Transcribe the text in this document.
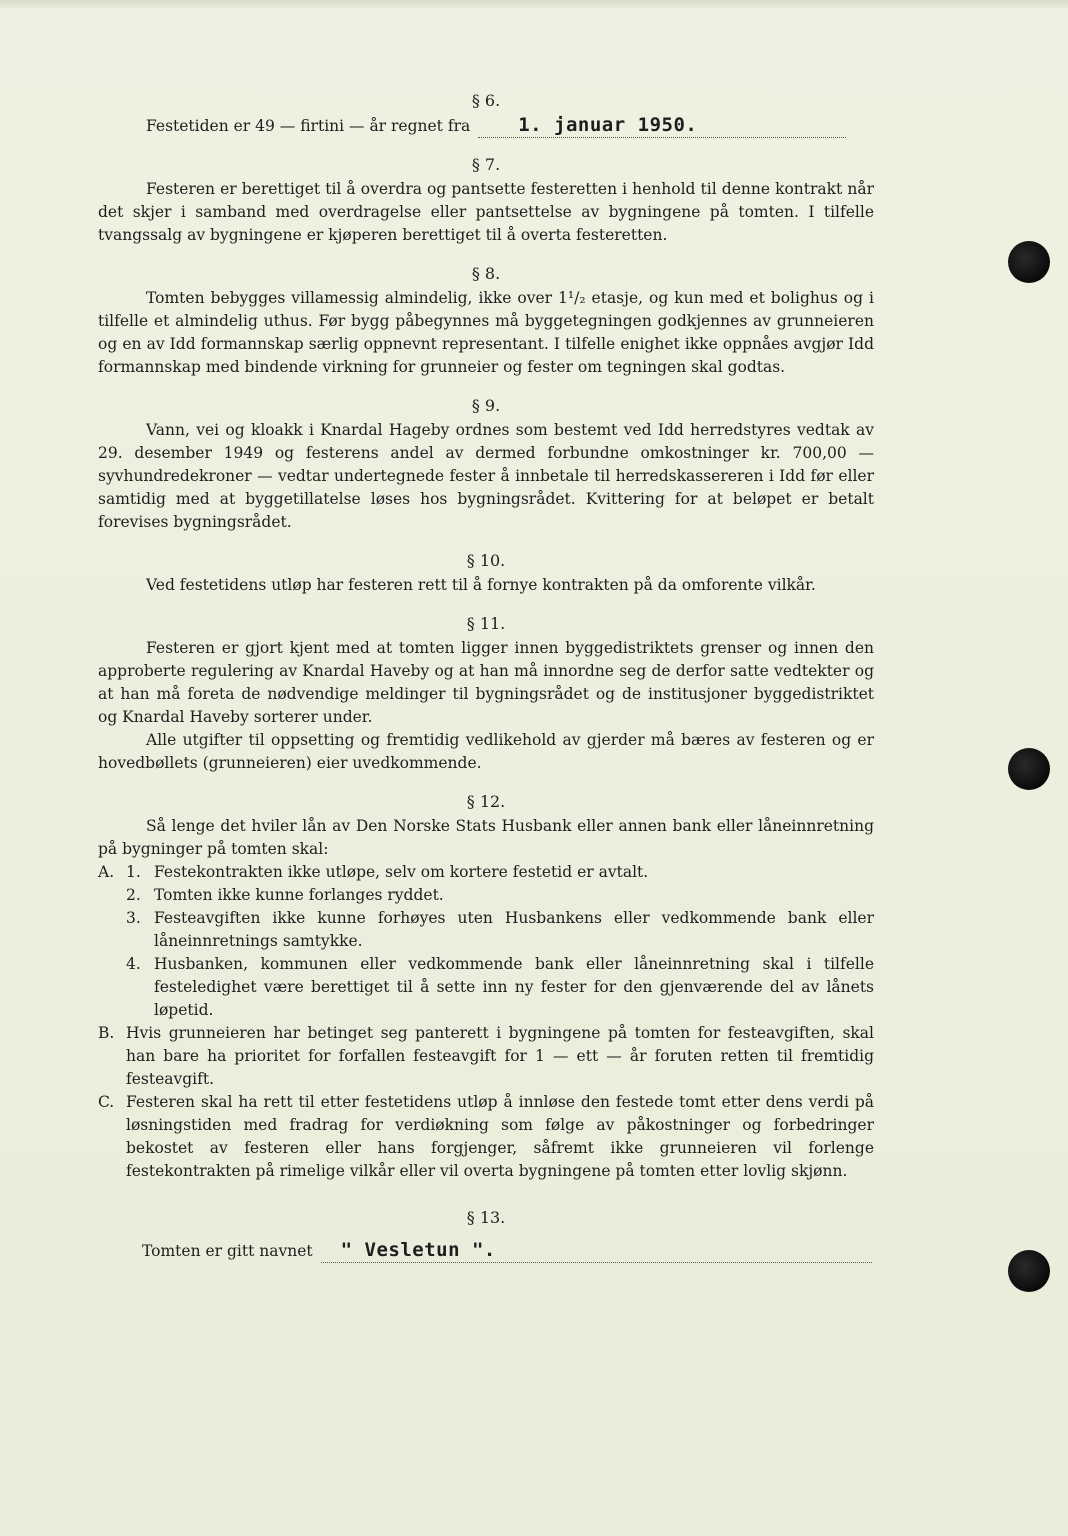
§ 6.
Festetiden er 49 — firtini — år regnet fra	1. januar 1950.
§ 7.

Festeren er berettiget til å overdra og pantsette festeretten i henhold til denne kontrakt når det skjer i samband med overdragelse eller pantsettelse av bygningene på tomten. I tilfelle tvangssalg av bygningene er kjøperen berettiget til å overta festeretten.

§ 8.

Tomten bebygges villamessig almindelig, ikke over 1¹/₂ etasje, og kun med et bolighus og i tilfelle et almindelig uthus. Før bygg påbegynnes må byggetegningen godkjennes av grunneieren og en av Idd formannskap særlig oppnevnt representant. I tilfelle enighet ikke oppnåes avgjør Idd formannskap med bindende virkning for grunneier og fester om tegningen skal godtas.

§ 9.

Vann, vei og kloakk i Knardal Hageby ordnes som bestemt ved Idd herredstyres vedtak av 29. desember 1949 og festerens andel av dermed forbundne omkostninger kr. 700,00 — syvhundredekroner — vedtar undertegnede fester å innbetale til herredskassereren i Idd før eller samtidig med at byggetillatelse løses hos bygningsrådet. Kvittering for at beløpet er betalt forevises bygningsrådet.

§ 10.

Ved festetidens utløp har festeren rett til å fornye kontrakten på da omforente vilkår.

§ 11.

Festeren er gjort kjent med at tomten ligger innen byggedistriktets grenser og innen den approberte regulering av Knardal Haveby og at han må innordne seg de derfor satte vedtekter og at han må foreta de nødvendige meldinger til bygningsrådet og de institusjoner byggedistriktet og Knardal Haveby sorterer under.

Alle utgifter til oppsetting og fremtidig vedlikehold av gjerder må bæres av festeren og er hovedbøllets (grunneieren) eier uvedkommende.

§ 12.

Så lenge det hviler lån av Den Norske Stats Husbank eller annen bank eller låneinnretning på bygninger på tomten skal:

A. 1. Festekontrakten ikke utløpe, selv om kortere festetid er avtalt.
2. Tomten ikke kunne forlanges ryddet.
3. Festeavgiften ikke kunne forhøyes uten Husbankens eller vedkommende bank eller låneinnretnings samtykke.
4. Husbanken, kommunen eller vedkommende bank eller låneinnretning skal i tilfelle festeledighet være berettiget til å sette inn ny fester for den gjenværende del av lånets løpetid.
B. Hvis grunneieren har betinget seg panterett i bygningene på tomten for festeavgiften, skal han bare ha prioritet for forfallen festeavgift for 1 — ett — år foruten retten til fremtidig festeavgift.
C. Festeren skal ha rett til etter festetidens utløp å innløse den festede tomt etter dens verdi på løsningstiden med fradrag for verdiøkning som følge av påkostninger og forbedringer bekostet av festeren eller hans forgjenger, såfremt ikke grunneieren vil forlenge festekontrakten på rimelige vilkår eller vil overta bygningene på tomten etter lovlig skjønn.
§ 13.
Tomten er gitt navnet	" Vesletun ".
